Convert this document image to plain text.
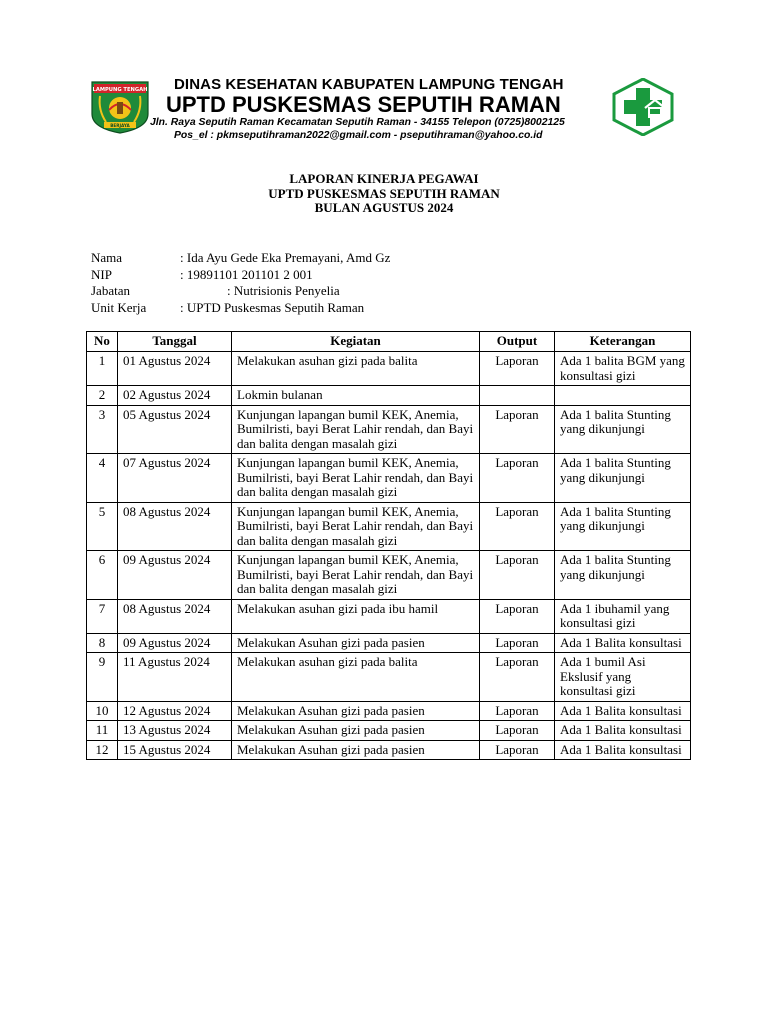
LAMPUNG TENGAH
BERJAYA
DINAS KESEHATAN KABUPATEN LAMPUNG TENGAH
UPTD PUSKESMAS SEPUTIH RAMAN
Jln. Raya Seputih Raman Kecamatan Seputih Raman - 34155 Telepon (0725)8002125
Pos_el : pkmseputihraman2022@gmail.com - pseputihraman@yahoo.co.id
LAPORAN KINERJA PEGAWAI
UPTD PUSKESMAS SEPUTIH RAMAN
BULAN AGUSTUS 2024
Nama	: Ida Ayu Gede Eka Premayani, Amd Gz
NIP	: 19891101 201101 2 001
Jabatan	: Nutrisionis Penyelia
Unit Kerja	: UPTD Puskesmas Seputih Raman
No	Tanggal	Kegiatan	Output	Keterangan
1	01 Agustus 2024	Melakukan asuhan gizi pada balita	Laporan	Ada 1 balita BGM yang konsultasi gizi
2	02 Agustus 2024	Lokmin bulanan		
3	05 Agustus 2024	Kunjungan lapangan bumil KEK, Anemia, Bumilristi, bayi Berat Lahir rendah, dan Bayi dan balita dengan masalah gizi	Laporan	Ada 1 balita Stunting yang dikunjungi
4	07 Agustus 2024	Kunjungan lapangan bumil KEK, Anemia, Bumilristi, bayi Berat Lahir rendah, dan Bayi dan balita dengan masalah gizi	Laporan	Ada 1 balita Stunting yang dikunjungi
5	08 Agustus 2024	Kunjungan lapangan bumil KEK, Anemia, Bumilristi, bayi Berat Lahir rendah, dan Bayi dan balita dengan masalah gizi	Laporan	Ada 1 balita Stunting yang dikunjungi
6	09 Agustus 2024	Kunjungan lapangan bumil KEK, Anemia, Bumilristi, bayi Berat Lahir rendah, dan Bayi dan balita dengan masalah gizi	Laporan	Ada 1 balita Stunting yang dikunjungi
7	08 Agustus 2024	Melakukan asuhan gizi pada ibu hamil	Laporan	Ada 1 ibuhamil yang konsultasi gizi
8	09 Agustus 2024	Melakukan Asuhan gizi pada pasien	Laporan	Ada 1 Balita konsultasi
9	11 Agustus 2024	Melakukan asuhan gizi pada balita	Laporan	Ada 1 bumil Asi Ekslusif yang konsultasi gizi
10	12 Agustus 2024	Melakukan Asuhan gizi pada pasien	Laporan	Ada 1 Balita konsultasi
11	13 Agustus 2024	Melakukan Asuhan gizi pada pasien	Laporan	Ada 1 Balita konsultasi
12	15 Agustus 2024	Melakukan Asuhan gizi pada pasien	Laporan	Ada 1 Balita konsultasi
